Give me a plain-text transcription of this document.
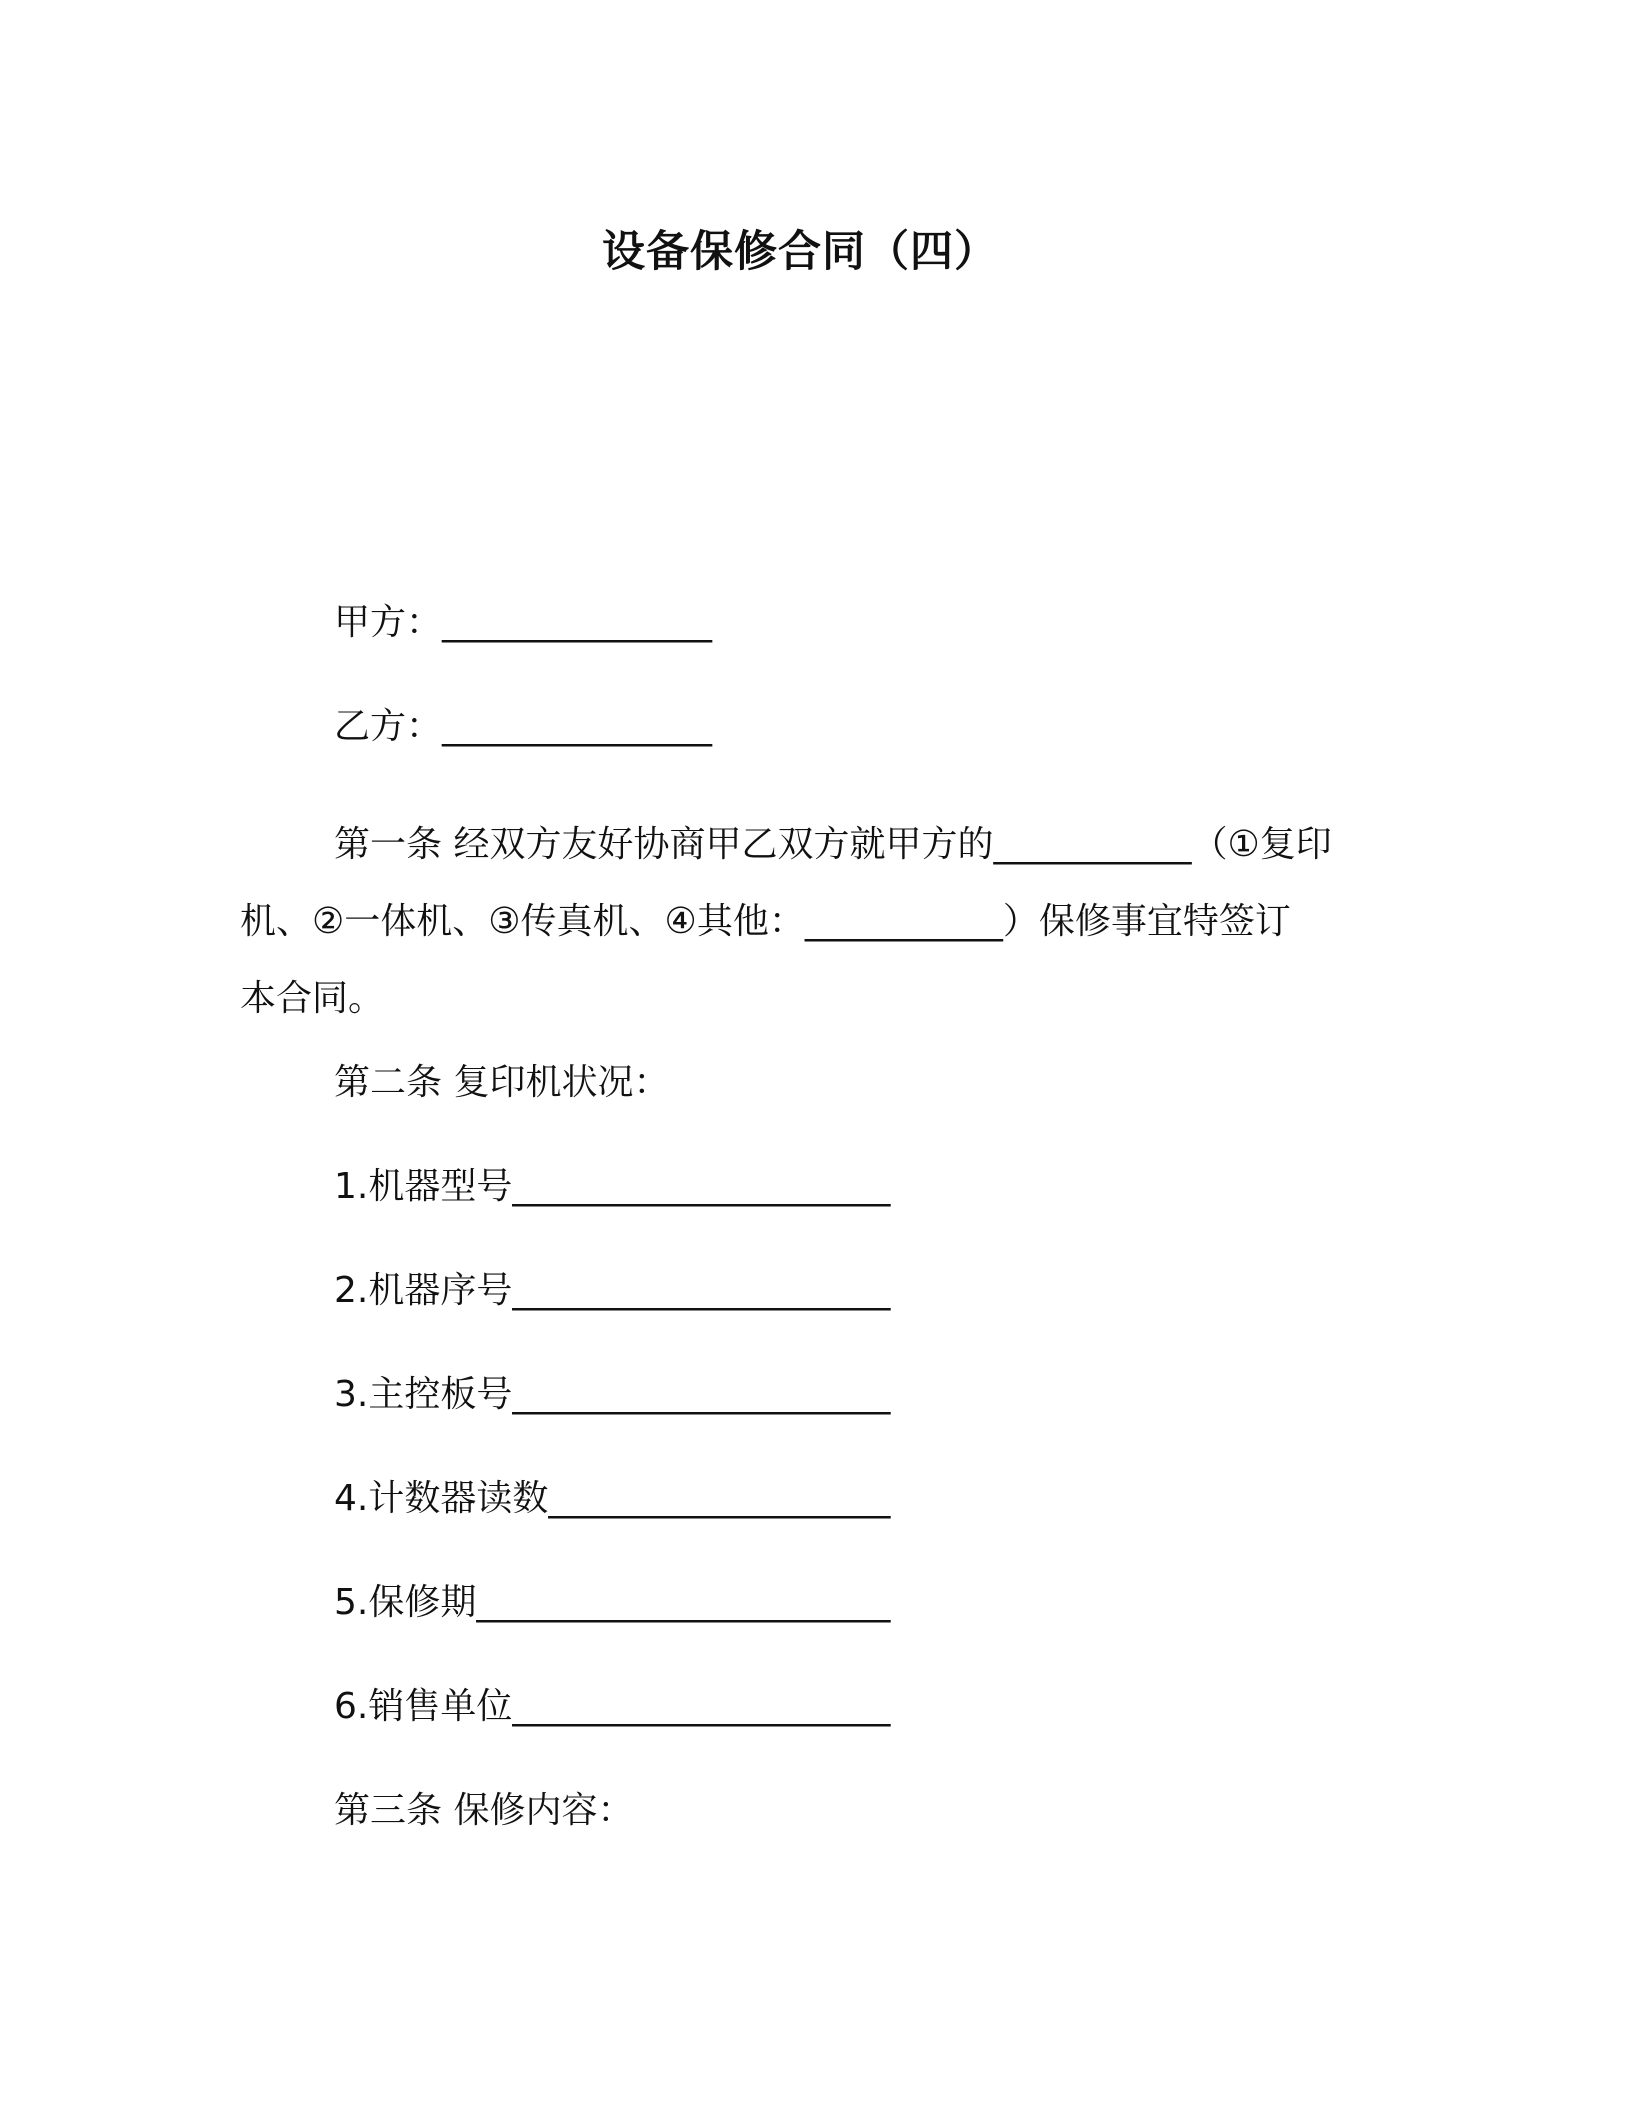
设备保修合同（四）
甲方：_______________
乙方：_______________
第一条 经双方友好协商甲乙双方就甲方的___________（①复印
机、②一体机、③传真机、④其他：___________）保修事宜特签订
本合同。
第二条 复印机状况：
1.机器型号_____________________
2.机器序号_____________________
3.主控板号_____________________
4.计数器读数___________________
5.保修期_______________________
6.销售单位_____________________
第三条 保修内容：
